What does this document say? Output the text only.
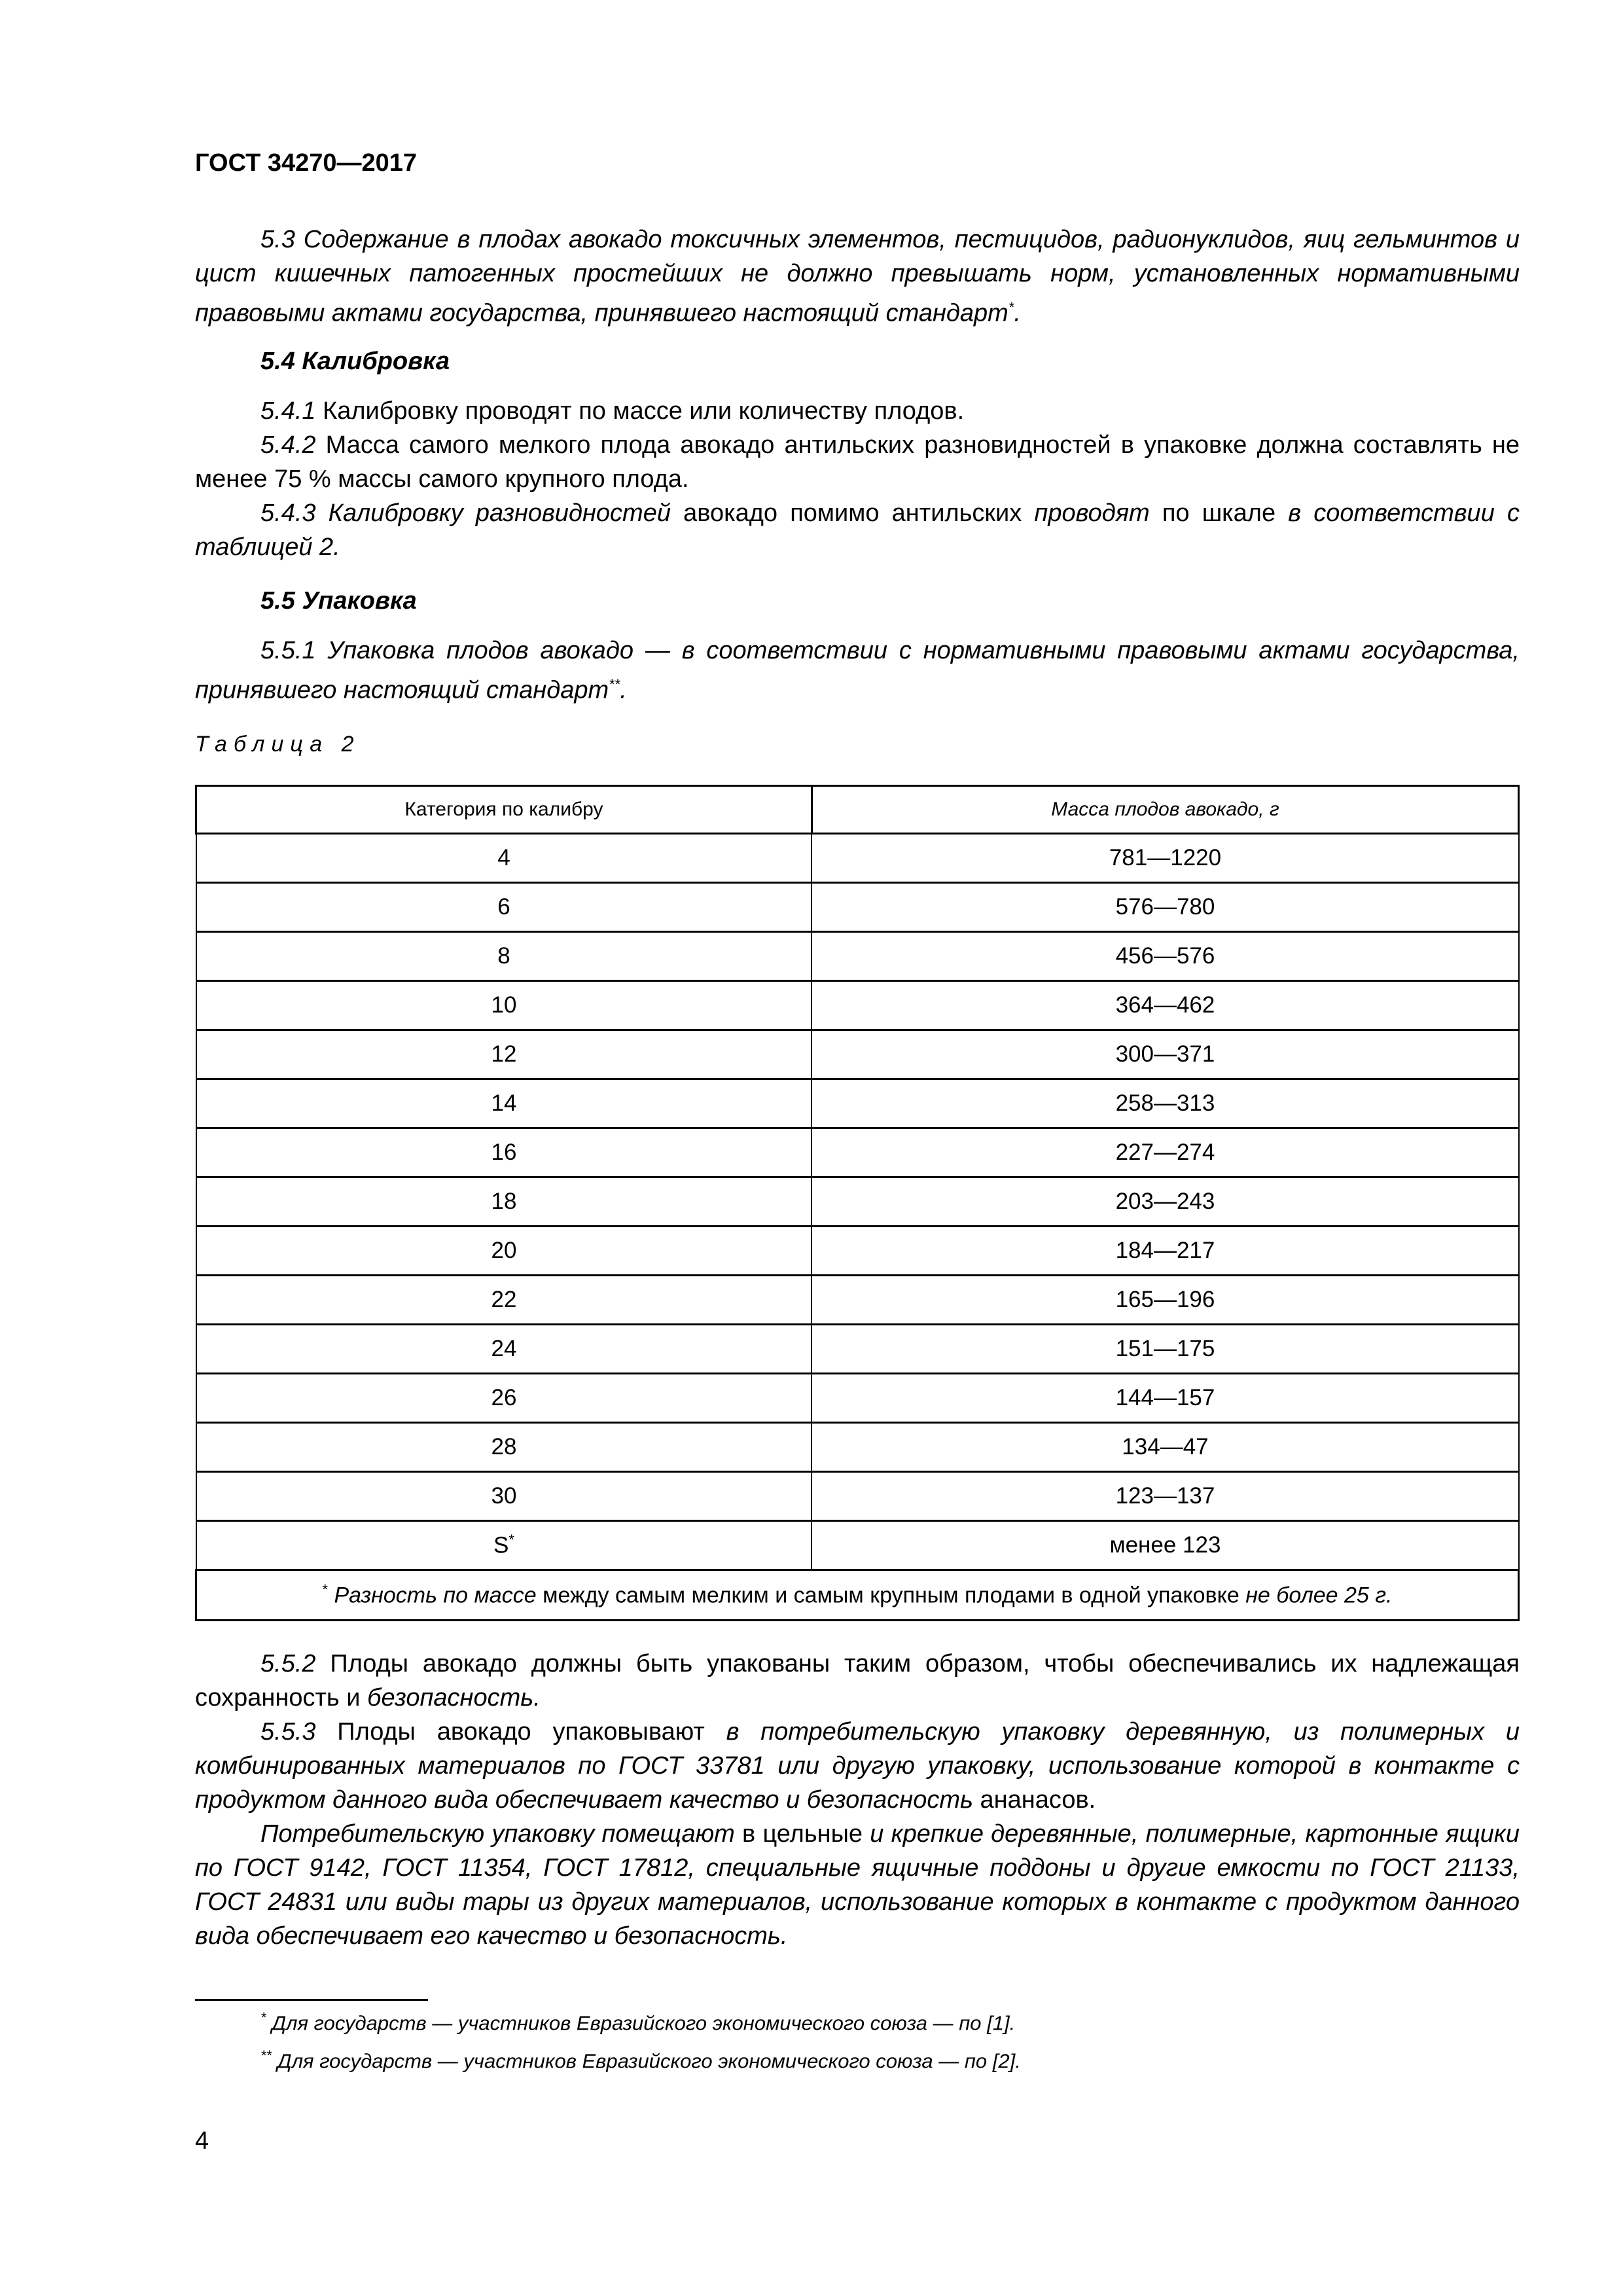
ГОСТ 34270—2017

5.3 Содержание в плодах авокадо токсичных элементов, пестицидов, радионуклидов, яиц гельминтов и цист кишечных патогенных простейших не должно превышать норм, установленных нормативными правовыми актами государства, принявшего настоящий стандарт*.

5.4 Калибровка

5.4.1 Калибровку проводят по массе или количеству плодов.

5.4.2 Масса самого мелкого плода авокадо антильских разновидностей в упаковке должна составлять не менее 75 % массы самого крупного плода.

5.4.3 Калибровку разновидностей авокадо помимо антильских проводят по шкале в соответствии с таблицей 2.

5.5 Упаковка

5.5.1 Упаковка плодов авокадо — в соответствии с нормативными правовыми актами государства, принявшего настоящий стандарт**.

Таблица 2
Категория по калибру	Масса плодов авокадо, г
4	781—1220
6	576—780
8	456—576
10	364—462
12	300—371
14	258—313
16	227—274
18	203—243
20	184—217
22	165—196
24	151—175
26	144—157
28	134—47
30	123—137
S*	менее 123
* Разность по массе между самым мелким и самым крупным плодами в одной упаковке не более 25 г.	

5.5.2 Плоды авокадо должны быть упакованы таким образом, чтобы обеспечивались их надлежащая сохранность и безопасность.

5.5.3 Плоды авокадо упаковывают в потребительскую упаковку деревянную, из полимерных и комбинированных материалов по ГОСТ 33781 или другую упаковку, использование которой в контакте с продуктом данного вида обеспечивает качество и безопасность ананасов.

Потребительскую упаковку помещают в цельные и крепкие деревянные, полимерные, картонные ящики по ГОСТ 9142, ГОСТ 11354, ГОСТ 17812, специальные ящичные поддоны и другие емкости по ГОСТ 21133, ГОСТ 24831 или виды тары из других материалов, использование которых в контакте с продуктом данного вида обеспечивает его качество и безопасность.

* Для государств — участников Евразийского экономического союза — по [1].
** Для государств — участников Евразийского экономического союза — по [2].
4
